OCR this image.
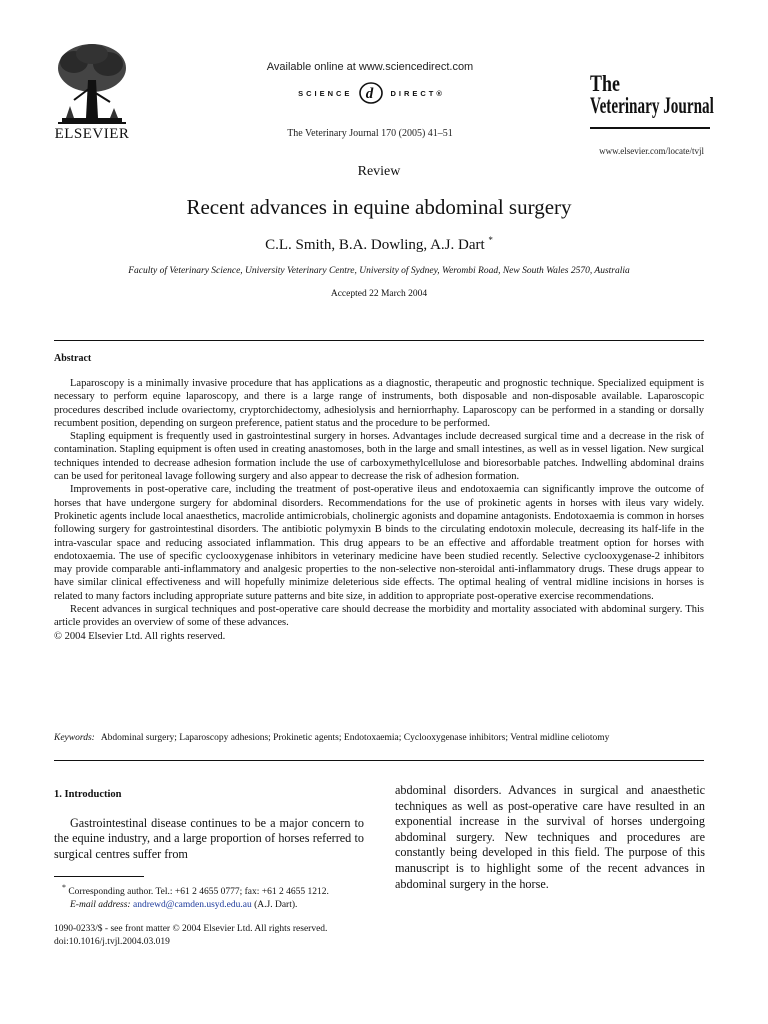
ELSEVIER
Available online at www.sciencedirect.com
SCIENCE d DIRECT ®
The Veterinary Journal 170 (2005) 41–51
The
Veterinary Journal
www.elsevier.com/locate/tvjl
Review
Recent advances in equine abdominal surgery
C.L. Smith, B.A. Dowling, A.J. Dart *
Faculty of Veterinary Science, University Veterinary Centre, University of Sydney, Werombi Road, New South Wales 2570, Australia
Accepted 22 March 2004
Abstract

Laparoscopy is a minimally invasive procedure that has applications as a diagnostic, therapeutic and prognostic technique. Specialized equipment is necessary to perform equine laparoscopy, and there is a large range of instruments, both disposable and non-disposable available. Laparoscopic procedures described include ovariectomy, cryptorchidectomy, adhesiolysis and herniorrhaphy. Laparoscopy can be performed in a standing or dorsally recumbent position, depending on surgeon preference, patient status and the procedure to be performed.

Stapling equipment is frequently used in gastrointestinal surgery in horses. Advantages include decreased surgical time and a decrease in the risk of contamination. Stapling equipment is often used in creating anastomoses, both in the large and small intestines, as well as in vessel ligation. New surgical techniques intended to decrease adhesion formation include the use of carboxymethylcellulose and bioresorbable patches. Indwelling abdominal drains can be used for peritoneal lavage following surgery and also appear to decrease the risk of adhesion formation.

Improvements in post-operative care, including the treatment of post-operative ileus and endotoxaemia can significantly improve the outcome of horses that have undergone surgery for abdominal disorders. Recommendations for the use of prokinetic agents in horses with ileus vary widely. Prokinetic agents include local anaesthetics, macrolide antimicrobials, cholinergic agonists and dopamine antagonists. Endotoxaemia is common in horses following surgery for gastrointestinal disorders. The antibiotic polymyxin B binds to the circulating endotoxin molecule, decreasing its half-life in the intra-vascular space and reducing associated inflammation. This drug appears to be an effective and affordable treatment option for horses with endotoxaemia. The use of specific cyclooxygenase inhibitors in veterinary medicine have been studied recently. Selective cyclooxygenase-2 inhibitors may provide comparable anti-inflammatory and analgesic properties to the non-selective non-steroidal anti-inflammatory drugs. These drugs appear to have similar clinical effectiveness and will hopefully minimize deleterious side effects. The optimal healing of ventral midline incisions in horses is related to many factors including appropriate suture patterns and bite size, in addition to appropriate post-operative exercise recommendations.

Recent advances in surgical techniques and post-operative care should decrease the morbidity and mortality associated with abdominal surgery. This article provides an overview of some of these advances.

© 2004 Elsevier Ltd. All rights reserved.

Keywords: Abdominal surgery; Laparoscopy adhesions; Prokinetic agents; Endotoxaemia; Cyclooxygenase inhibitors; Ventral midline celiotomy
1. Introduction

Gastrointestinal disease continues to be a major concern to the equine industry, and a large proportion of horses referred to surgical centres suffer from

abdominal disorders. Advances in surgical and anaesthetic techniques as well as post-operative care have resulted in an exponential increase in the survival of horses undergoing abdominal surgery. New techniques and procedures are constantly being developed in this field. The purpose of this manuscript is to highlight some of the recent advances in abdominal surgery in the horse.

* Corresponding author. Tel.: +61 2 4655 0777; fax: +61 2 4655 1212.
E-mail address: andrewd@camden.usyd.edu.au (A.J. Dart).
1090-0233/$ - see front matter © 2004 Elsevier Ltd. All rights reserved.
doi:10.1016/j.tvjl.2004.03.019
